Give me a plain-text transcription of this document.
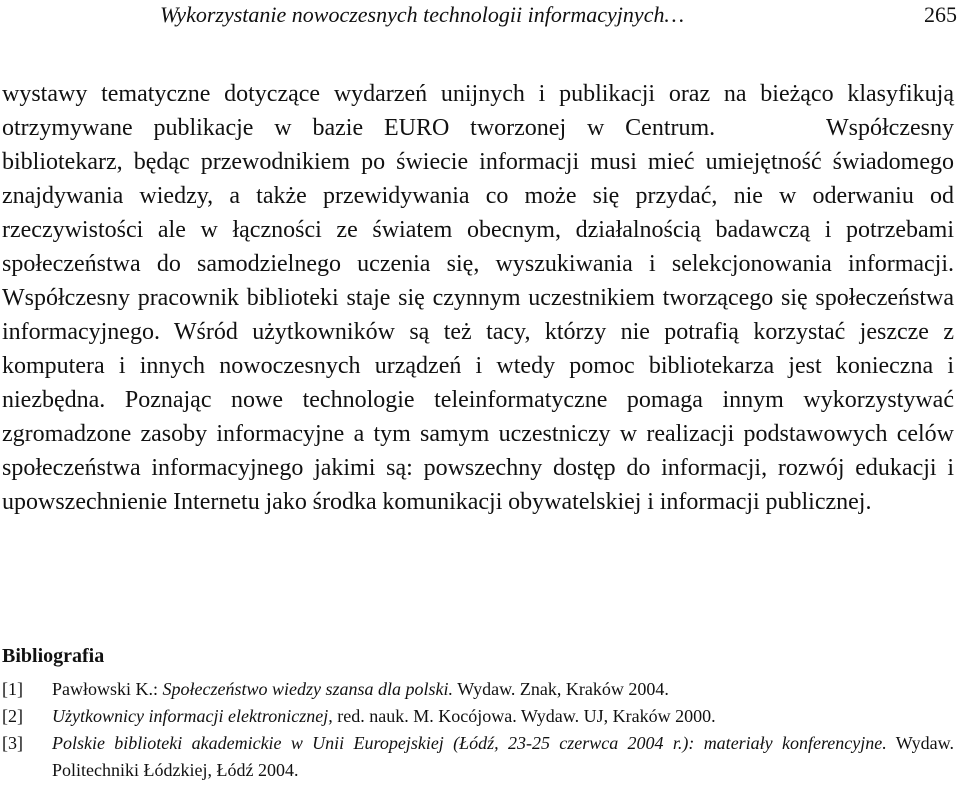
Wykorzystanie nowoczesnych technologii informacyjnych…	265

wystawy tematyczne dotyczące wydarzeń unijnych i publikacji oraz na bieżąco klasyfikują otrzymywane publikacje w bazie EURO tworzonej w Centrum.	Współczesny bibliotekarz, będąc przewodnikiem po świecie informacji musi mieć umiejętność świadomego znajdywania wiedzy, a także przewidywania co może się przydać, nie w oderwaniu od rzeczywistości ale w łączności ze światem obecnym, działalnością badawczą i potrzebami społeczeństwa do samodzielnego uczenia się, wyszukiwania i selekcjonowania informacji. Współczesny pracownik biblioteki staje się czynnym uczestnikiem tworzącego się społeczeństwa informacyjnego. Wśród użytkowników są też tacy, którzy nie potrafią korzystać jeszcze z komputera i innych nowoczesnych urządzeń i wtedy pomoc bibliotekarza jest konieczna i niezbędna. Poznając nowe technologie teleinformatyczne pomaga innym wykorzystywać zgromadzone zasoby informacyjne a tym samym uczestniczy w realizacji podstawowych celów społeczeństwa informacyjnego jakimi są: powszechny dostęp do informacji, rozwój edukacji i upowszechnienie Internetu jako środka komunikacji obywatelskiej i informacji publicznej.

Bibliografia
[1] Pawłowski K.: Społeczeństwo wiedzy szansa dla polski. Wydaw. Znak, Kraków 2004.
[2] Użytkownicy informacji elektronicznej, red. nauk. M. Kocójowa. Wydaw. UJ, Kraków 2000.
[3] Polskie biblioteki akademickie w Unii Europejskiej (Łódź, 23-25 czerwca 2004 r.): materiały konferencyjne. Wydaw. Politechniki Łódzkiej, Łódź 2004.
